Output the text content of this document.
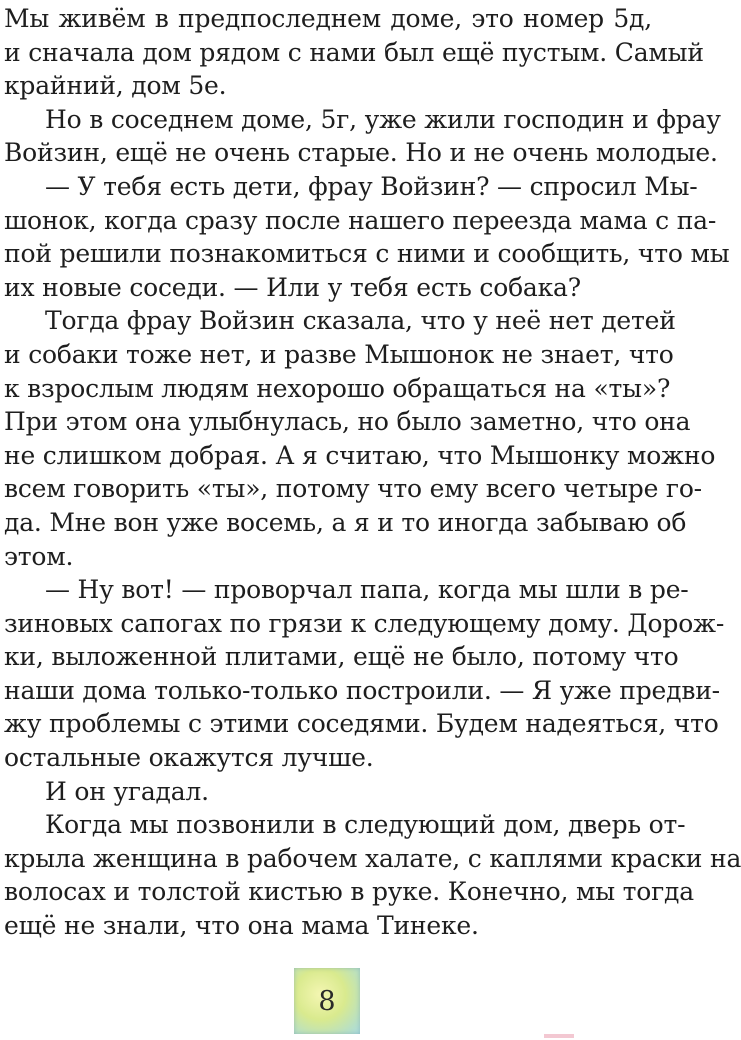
Мы живём в предпоследнем доме, это номер 5д,
и сначала дом рядом с нами был ещё пустым. Самый
крайний, дом 5е.
Но в соседнем доме, 5г, уже жили господин и фрау
Войзин, ещё не очень старые. Но и не очень молодые.
— У тебя есть дети, фрау Войзин? — спросил Мы-
шонок, когда сразу после нашего переезда мама с па-
пой решили познакомиться с ними и сообщить, что мы
их новые соседи. — Или у тебя есть собака?
Тогда фрау Войзин сказала, что у неё нет детей
и собаки тоже нет, и разве Мышонок не знает, что
к взрослым людям нехорошо обращаться на «ты»?
При этом она улыбнулась, но было заметно, что она
не слишком добрая. А я считаю, что Мышонку можно
всем говорить «ты», потому что ему всего четыре го-
да. Мне вон уже восемь, а я и то иногда забываю об
этом.
— Ну вот! — проворчал папа, когда мы шли в ре-
зиновых сапогах по грязи к следующему дому. Дорож-
ки, выложенной плитами, ещё не было, потому что
наши дома только-только построили. — Я уже предви-
жу проблемы с этими соседями. Будем надеяться, что
остальные окажутся лучше.
И он угадал.
Когда мы позвонили в следующий дом, дверь от-
крыла женщина в рабочем халате, с каплями краски на
волосах и толстой кистью в руке. Конечно, мы тогда
ещё не знали, что она мама Тинеке.
8
